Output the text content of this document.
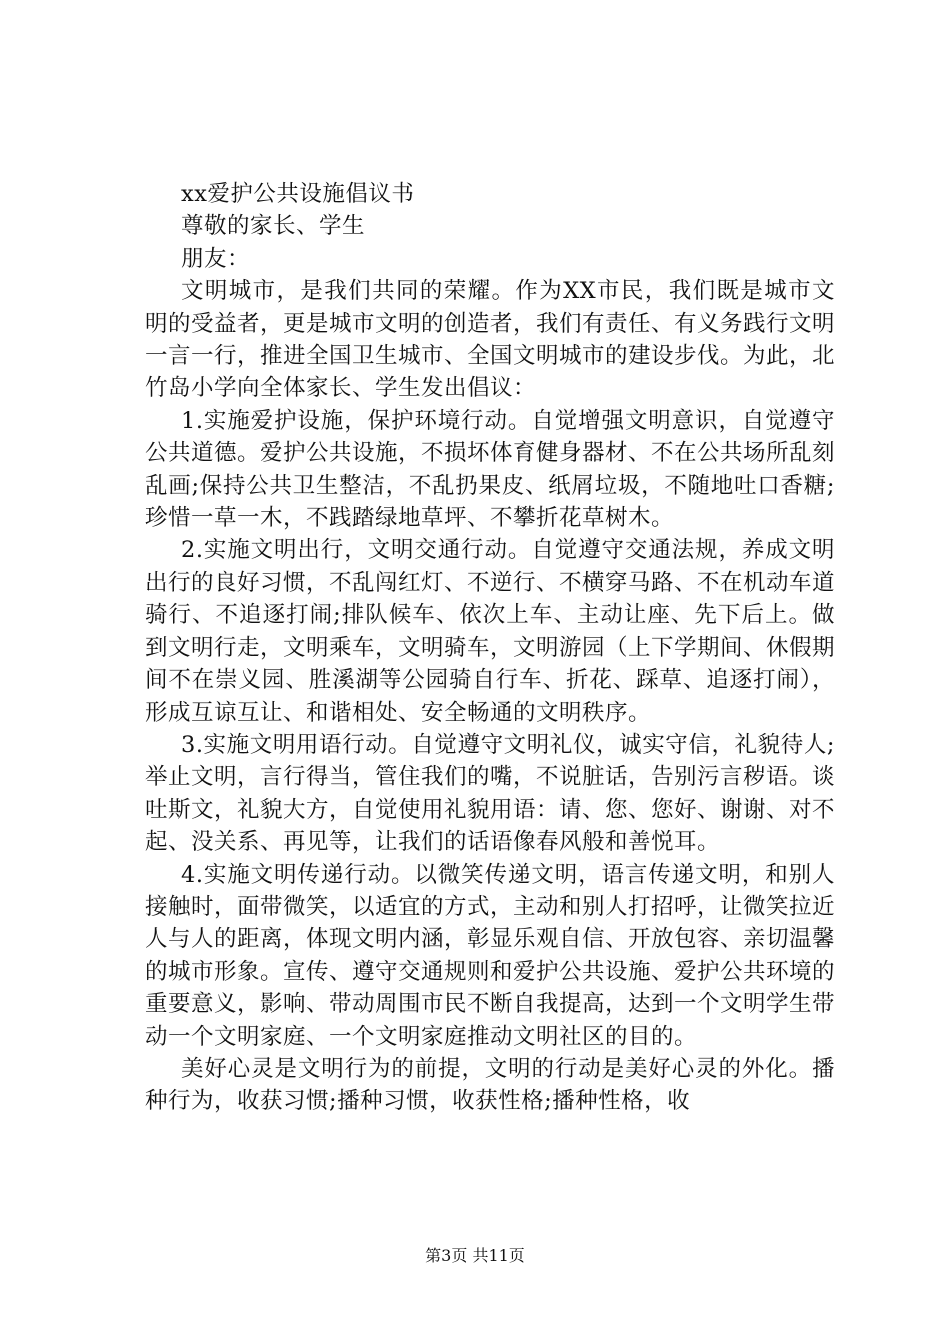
xx爱护公共设施倡议书

尊敬的家长、学生

朋友：

文明城市，是我们共同的荣耀。作为XX市民，我们既是城市文明的受益者，更是城市文明的创造者，我们有责任、有义务践行文明一言一行，推进全国卫生城市、全国文明城市的建设步伐。为此，北竹岛小学向全体家长、学生发出倡议：

1.实施爱护设施，保护环境行动。自觉增强文明意识，自觉遵守公共道德。爱护公共设施，不损坏体育健身器材、不在公共场所乱刻乱画;保持公共卫生整洁，不乱扔果皮、纸屑垃圾，不随地吐口香糖;珍惜一草一木，不践踏绿地草坪、不攀折花草树木。

2.实施文明出行，文明交通行动。自觉遵守交通法规，养成文明出行的良好习惯，不乱闯红灯、不逆行、不横穿马路、不在机动车道骑行、不追逐打闹;排队候车、依次上车、主动让座、先下后上。做到文明行走，文明乘车，文明骑车，文明游园（上下学期间、休假期间不在崇义园、胜溪湖等公园骑自行车、折花、踩草、追逐打闹），形成互谅互让、和谐相处、安全畅通的文明秩序。

3.实施文明用语行动。自觉遵守文明礼仪，诚实守信，礼貌待人;举止文明，言行得当，管住我们的嘴，不说脏话，告别污言秽语。谈吐斯文，礼貌大方，自觉使用礼貌用语：请、您、您好、谢谢、对不起、没关系、再见等，让我们的话语像春风般和善悦耳。

4.实施文明传递行动。以微笑传递文明，语言传递文明，和别人接触时，面带微笑，以适宜的方式，主动和别人打招呼，让微笑拉近人与人的距离，体现文明内涵，彰显乐观自信、开放包容、亲切温馨的城市形象。宣传、遵守交通规则和爱护公共设施、爱护公共环境的重要意义，影响、带动周围市民不断自我提高，达到一个文明学生带动一个文明家庭、一个文明家庭推动文明社区的目的。

美好心灵是文明行为的前提，文明的行动是美好心灵的外化。播种行为，收获习惯;播种习惯，收获性格;播种性格，收

第3页 共11页
